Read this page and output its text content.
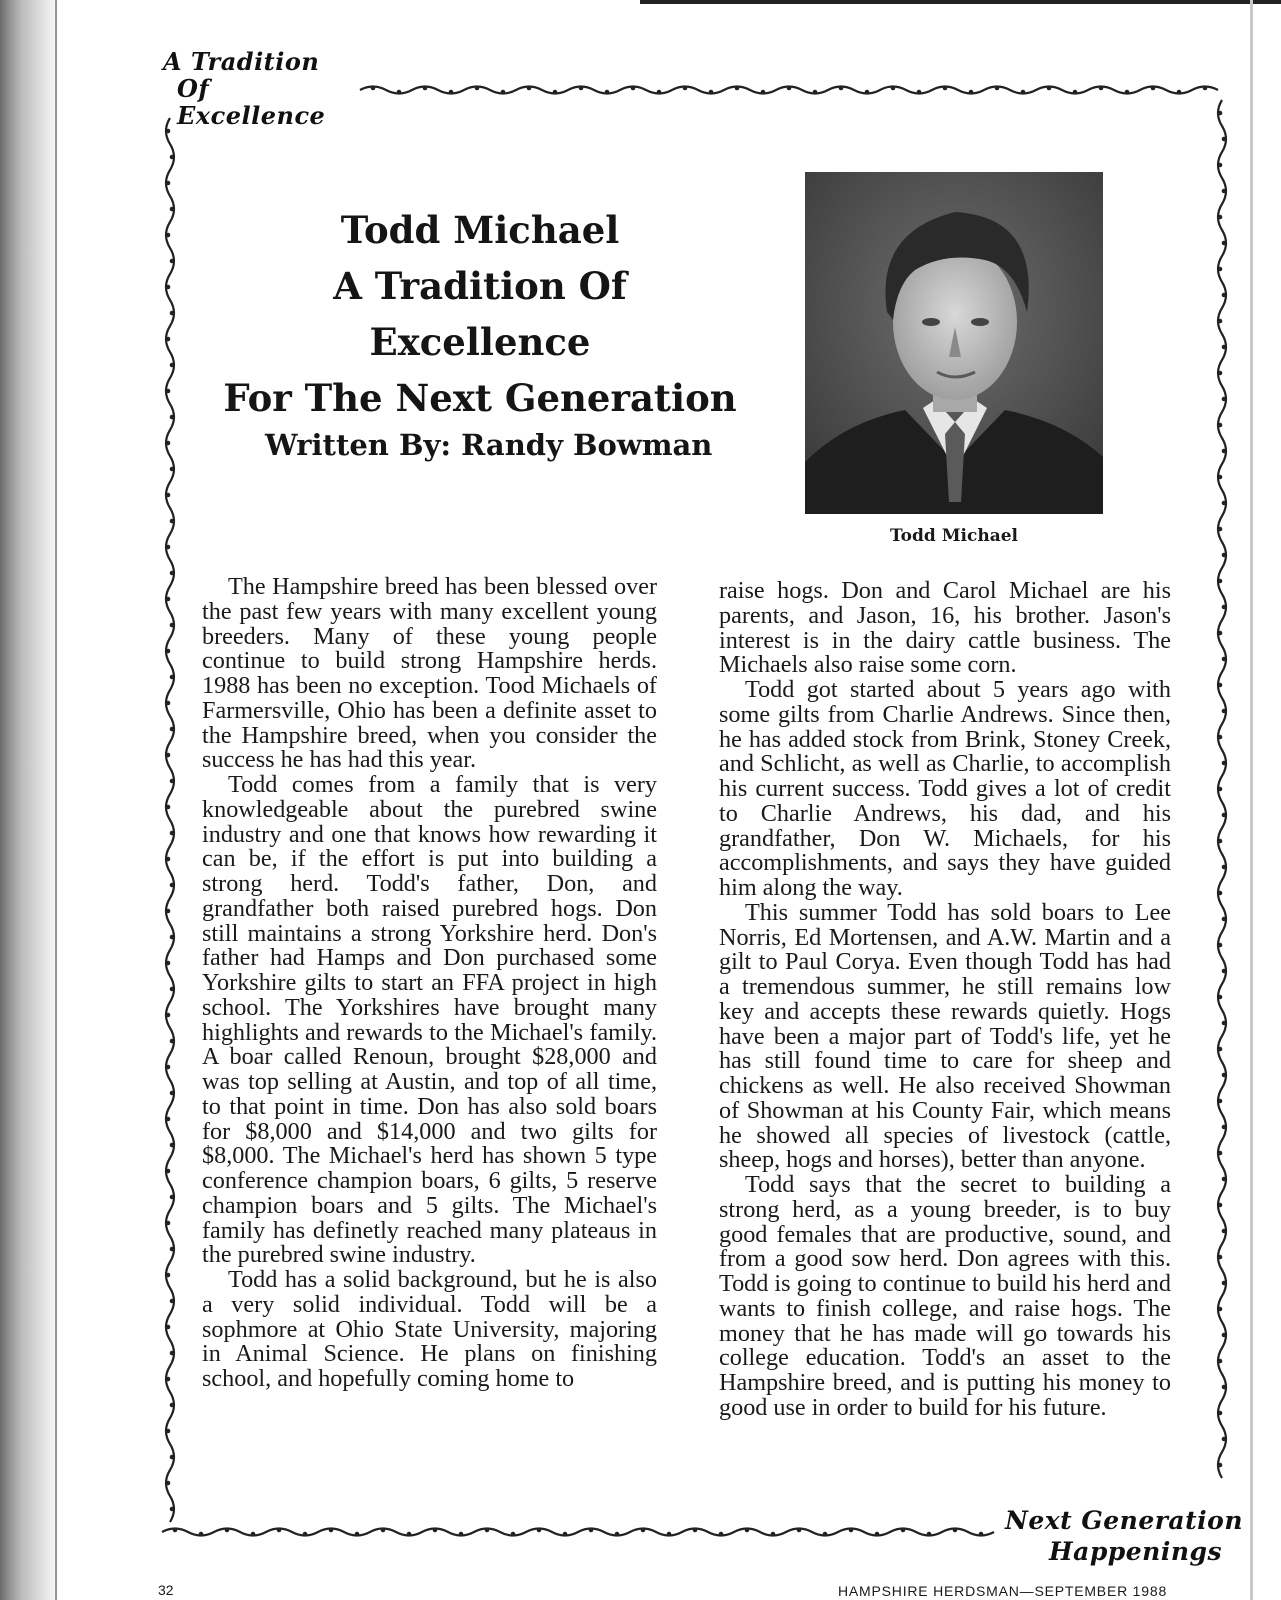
A Tradition
Of Excellence
Todd Michael
A Tradition Of
Excellence
For The Next Generation
Written By: Randy Bowman
Todd Michael

The Hampshire breed has been blessed over the past few years with many excellent young breeders. Many of these young people continue to build strong Hampshire herds. 1988 has been no exception. Tood Michaels of Farmersville, Ohio has been a definite asset to the Hampshire breed, when you consider the success he has had this year.

Todd comes from a family that is very knowledgeable about the purebred swine industry and one that knows how rewarding it can be, if the effort is put into building a strong herd. Todd's father, Don, and grandfather both raised purebred hogs. Don still maintains a strong Yorkshire herd. Don's father had Hamps and Don purchased some Yorkshire gilts to start an FFA project in high school. The Yorkshires have brought many highlights and rewards to the Michael's family. A boar called Renoun, brought $28,000 and was top selling at Austin, and top of all time, to that point in time. Don has also sold boars for $8,000 and $14,000 and two gilts for $8,000. The Michael's herd has shown 5 type conference champion boars, 6 gilts, 5 reserve champion boars and 5 gilts. The Michael's family has definetly reached many plateaus in the purebred swine industry.

Todd has a solid background, but he is also a very solid individual. Todd will be a sophmore at Ohio State University, majoring in Animal Science. He plans on finishing school, and hopefully coming home to

raise hogs. Don and Carol Michael are his parents, and Jason, 16, his brother. Jason's interest is in the dairy cattle business. The Michaels also raise some corn.

Todd got started about 5 years ago with some gilts from Charlie Andrews. Since then, he has added stock from Brink, Stoney Creek, and Schlicht, as well as Charlie, to accomplish his current success. Todd gives a lot of credit to Charlie Andrews, his dad, and his grandfather, Don W. Michaels, for his accomplishments, and says they have guided him along the way.

This summer Todd has sold boars to Lee Norris, Ed Mortensen, and A.W. Martin and a gilt to Paul Corya. Even though Todd has had a tremendous summer, he still remains low key and accepts these rewards quietly. Hogs have been a major part of Todd's life, yet he has still found time to care for sheep and chickens as well. He also received Showman of Showman at his County Fair, which means he showed all species of livestock (cattle, sheep, hogs and horses), better than anyone.

Todd says that the secret to building a strong herd, as a young breeder, is to buy good females that are productive, sound, and from a good sow herd. Don agrees with this. Todd is going to continue to build his herd and wants to finish college, and raise hogs. The money that he has made will go towards his college education. Todd's an asset to the Hampshire breed, and is putting his money to good use in order to build for his future.

Next Generation
Happenings
32	HAMPSHIRE HERDSMAN—SEPTEMBER 1988
